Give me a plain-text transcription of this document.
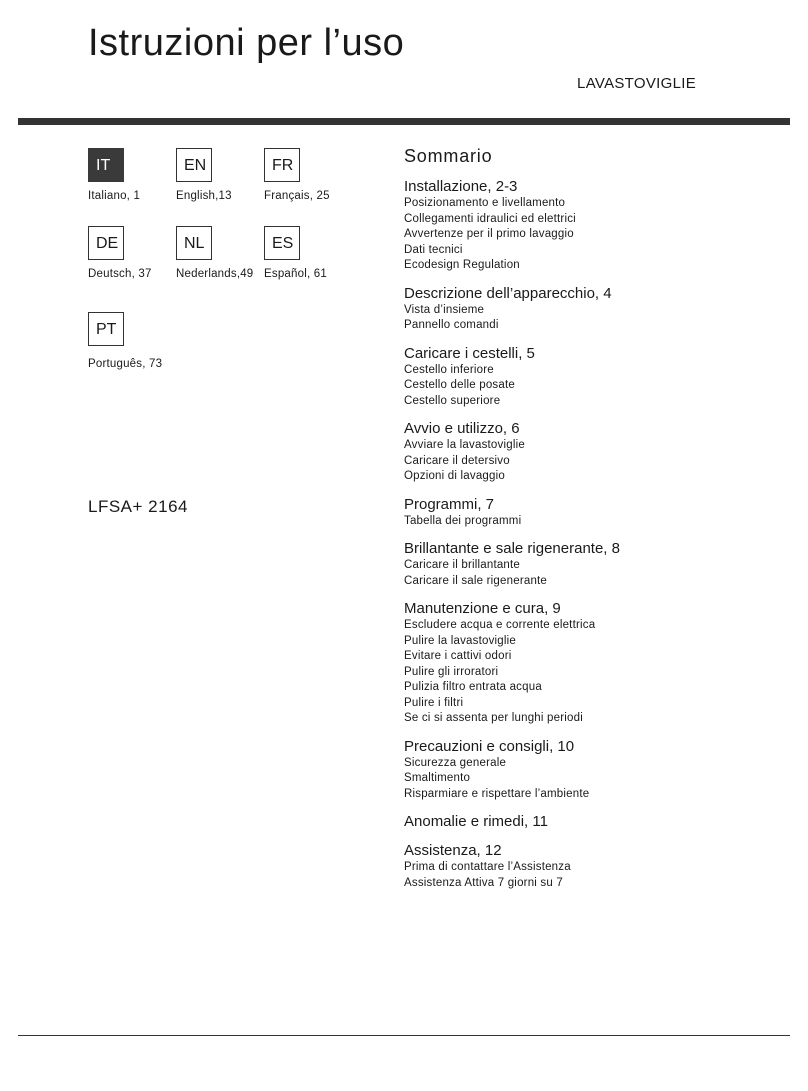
Istruzioni per l’uso
LAVASTOVIGLIE
IT
Italiano, 1
EN
English,13
FR
Français, 25
DE
Deutsch, 37
NL
Nederlands,49
ES
Español, 61
PT
Português, 73
LFSA+ 2164
Sommario
Installazione, 2-3
Posizionamento e livellamento
Collegamenti idraulici ed elettrici
Avvertenze per il primo lavaggio
Dati tecnici
Ecodesign Regulation
Descrizione dell’apparecchio, 4
Vista d’insieme
Pannello comandi
Caricare i cestelli, 5
Cestello inferiore
Cestello delle posate
Cestello superiore
Avvio e utilizzo, 6
Avviare la lavastoviglie
Caricare il detersivo
Opzioni di lavaggio
Programmi, 7
Tabella dei programmi
Brillantante e sale rigenerante, 8
Caricare il brillantante
Caricare il sale rigenerante
Manutenzione e cura, 9
Escludere acqua e corrente elettrica
Pulire la lavastoviglie
Evitare i cattivi odori
Pulire gli irroratori
Pulizia filtro entrata acqua
Pulire i filtri
Se ci si assenta per lunghi periodi
Precauzioni e consigli, 10
Sicurezza generale
Smaltimento
Risparmiare e rispettare l’ambiente
Anomalie e rimedi, 11
Assistenza, 12
Prima di contattare l’Assistenza
Assistenza Attiva 7 giorni su 7
